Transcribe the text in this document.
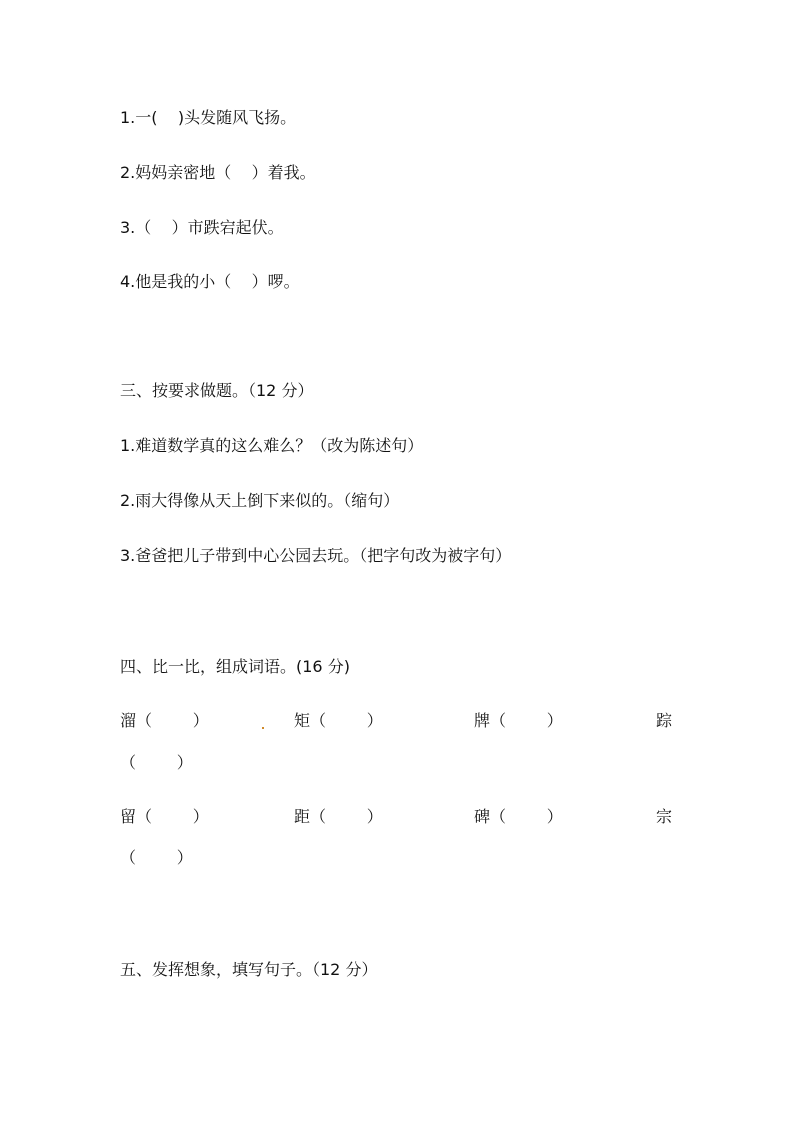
1.一(    )头发随风飞扬。
2.妈妈亲密地（    ）着我。
3.（    ）市跌宕起伏。
4.他是我的小（    ）啰。
三、按要求做题。（12 分）
1.难道数学真的这么难么？（改为陈述句）
2.雨大得像从天上倒下来似的。（缩句）
3.爸爸把儿子带到中心公园去玩。（把字句改为被字句）
四、比一比，组成词语。(16 分)
溜（        ）	矩（        ）	牌（        ）	踪
（        ）
留（        ）	距（        ）	碑（        ）	宗
（        ）
五、发挥想象，填写句子。（12 分）
